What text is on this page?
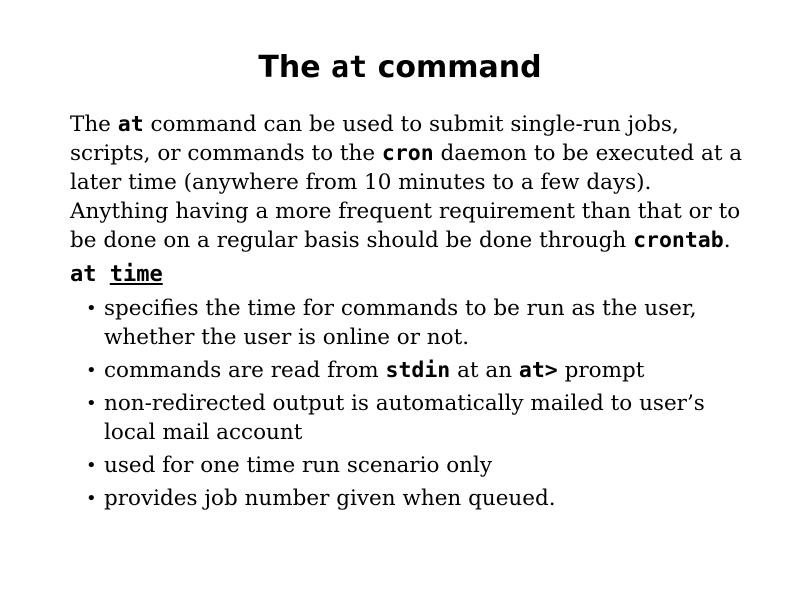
The at command

The at command can be used to submit single-run jobs, scripts, or commands to the cron daemon to be executed at a later time (anywhere from 10 minutes to a few days). Anything having a more frequent requirement than that or to be done on a regular basis should be done through crontab.

at time
• specifies the time for commands to be run as the user, whether the user is online or not.
• commands are read from stdin at an at> prompt
• non-redirected output is automatically mailed to user’s local mail account
• used for one time run scenario only
• provides job number given when queued.
